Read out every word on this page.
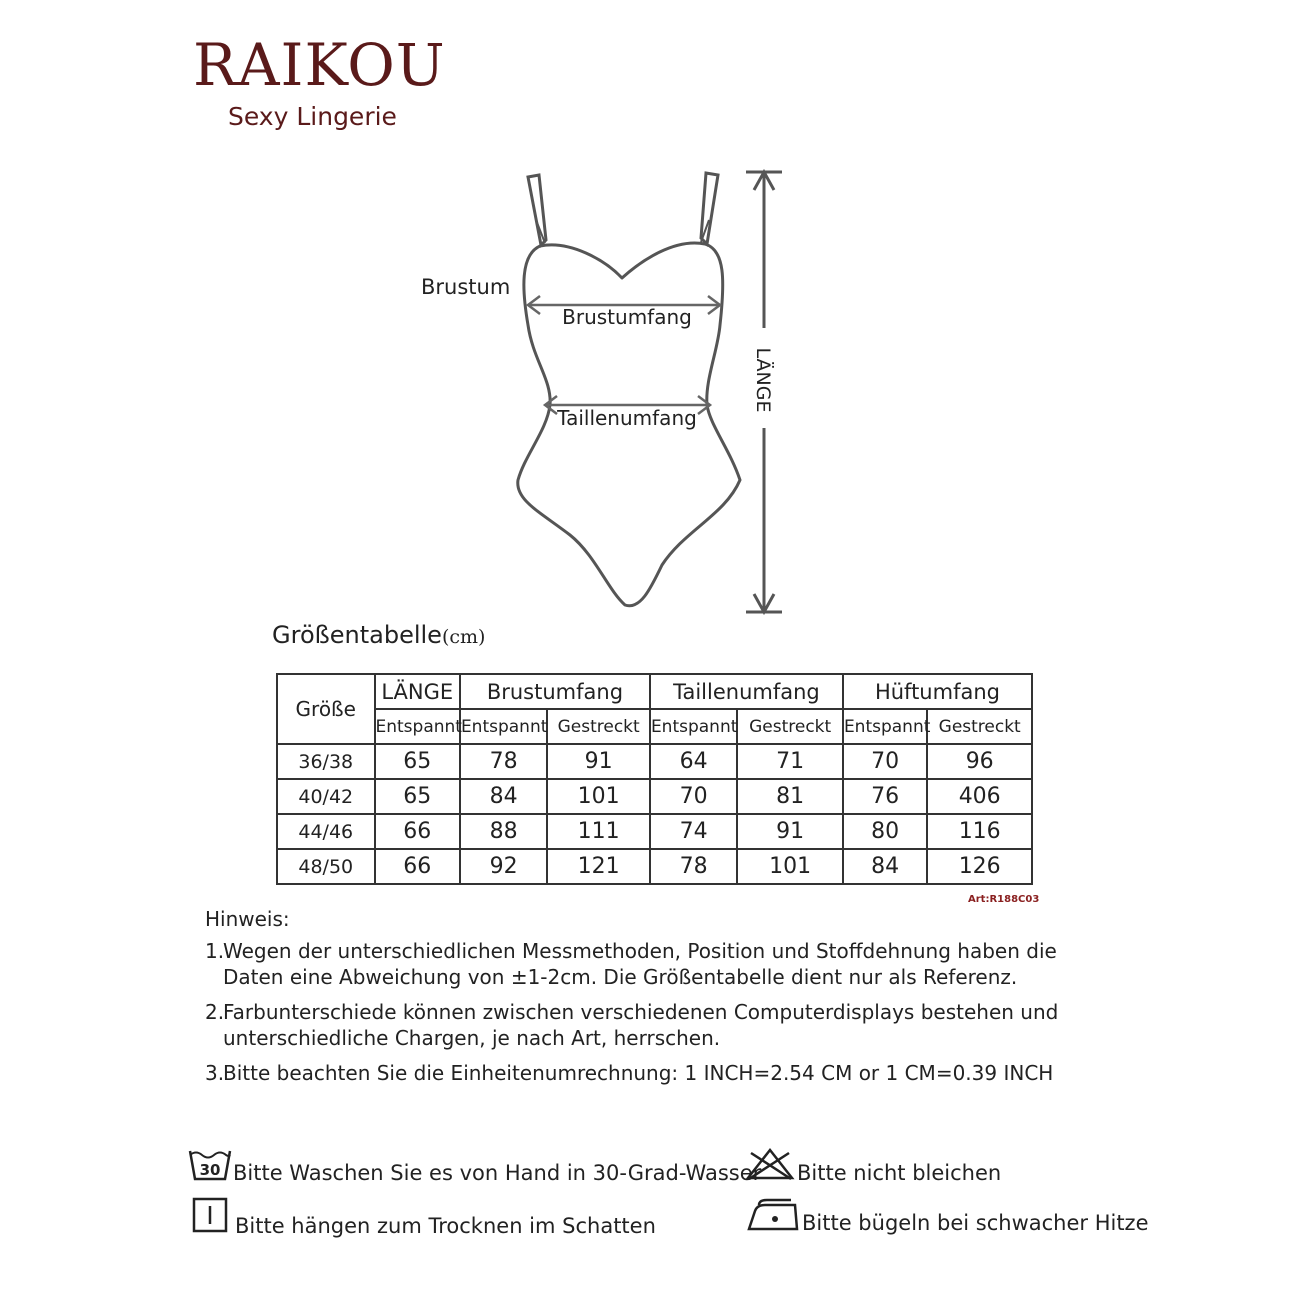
RAIKOU
Sexy Lingerie
Brustum
Brustumfang
Taillenumfang
LÄNGE
Größentabelle(cm)
Größe	LÄNGE	Brustumfang		Taillenumfang		Hüftumfang	
	Entspannt	Entspannt	Gestreckt	Entspannt	Gestreckt	Entspannt	Gestreckt
36/38	65	78	91	64	71	70	96
40/42	65	84	101	70	81	76	406
44/46	66	88	111	74	91	80	116
48/50	66	92	121	78	101	84	126
Art:R188C03
Hinweis:
1.Wegen der unterschiedlichen Messmethoden, Position und Stoffdehnung haben die
Daten eine Abweichung von ±1-2cm. Die Größentabelle dient nur als Referenz.
2.Farbunterschiede können zwischen verschiedenen Computerdisplays bestehen und
unterschiedliche Chargen, je nach Art, herrschen.
3.Bitte beachten Sie die Einheitenumrechnung: 1 INCH=2.54 CM or 1 CM=0.39 INCH
30 Bitte Waschen Sie es von Hand in 30-Grad-Wasser Bitte nicht bleichen
Bitte hängen zum Trocknen im Schatten	Bitte bügeln bei schwacher Hitze
